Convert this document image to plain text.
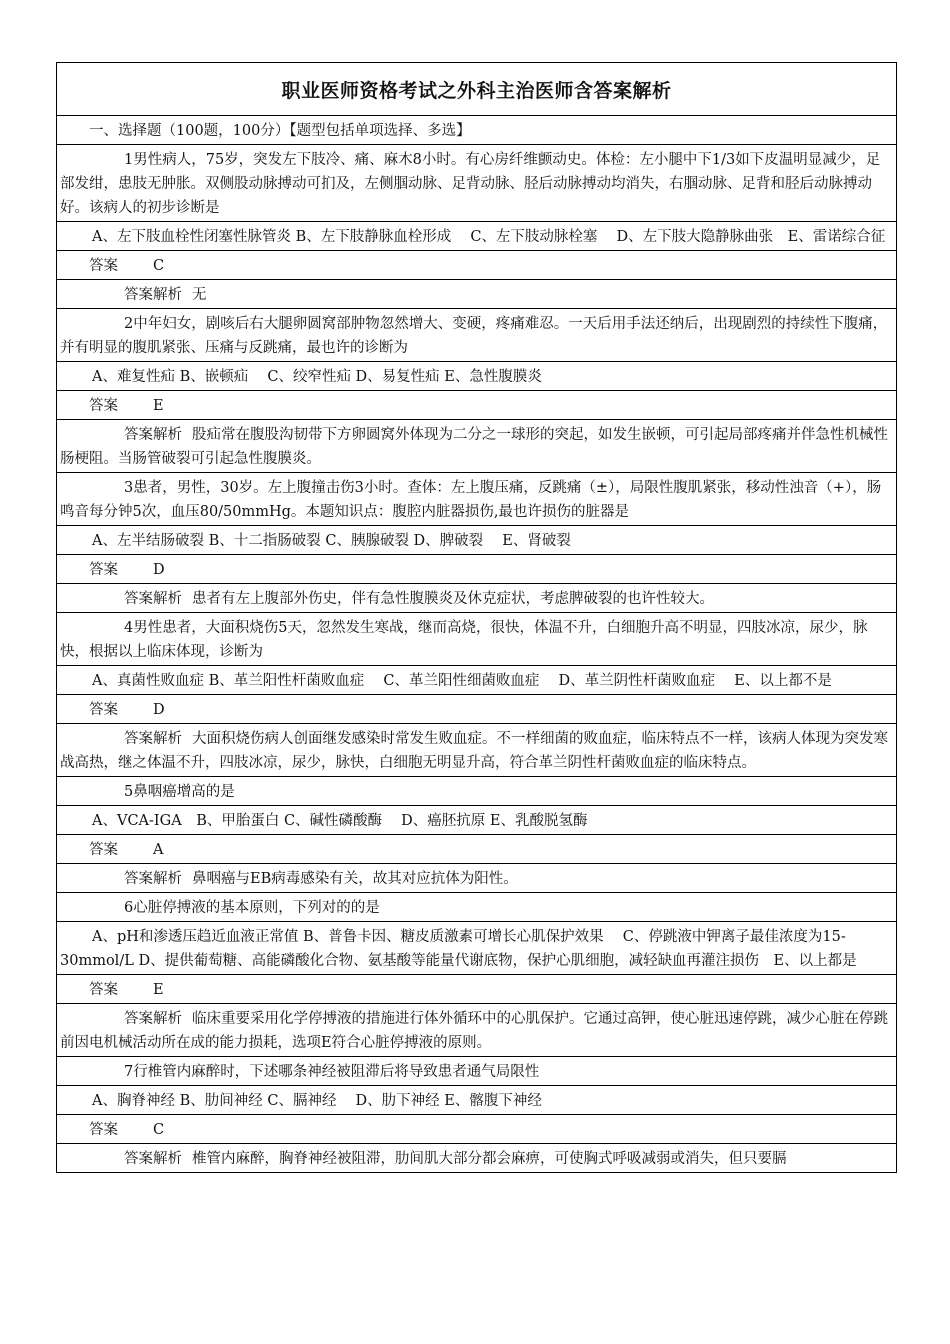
职业医师资格考试之外科主治医师含答案解析
一、选择题（100题，100分）【题型包括单项选择、多选】
1男性病人，75岁，突发左下肢冷、痛、麻木8小时。有心房纤维颤动史。体检：左小腿中下1/3如下皮温明显减少，足部发绀，患肢无肿胀。双侧股动脉搏动可扪及，左侧腘动脉、足背动脉、胫后动脉搏动均消失，右腘动脉、足背和胫后动脉搏动好。该病人的初步诊断是
A、左下肢血栓性闭塞性脉管炎 B、左下肢静脉血栓形成　 C、左下肢动脉栓塞　 D、左下肢大隐静脉曲张　E、雷诺综合征
答案 C
答案解析 无
2中年妇女，剧咳后右大腿卵圆窝部肿物忽然增大、变硬，疼痛难忍。一天后用手法还纳后，出现剧烈的持续性下腹痛，并有明显的腹肌紧张、压痛与反跳痛，最也许的诊断为
A、难复性疝 B、嵌顿疝　 C、绞窄性疝 D、易复性疝 E、急性腹膜炎
答案 E
答案解析 股疝常在腹股沟韧带下方卵圆窝外体现为二分之一球形的突起，如发生嵌顿，可引起局部疼痛并伴急性机械性肠梗阻。当肠管破裂可引起急性腹膜炎。
3患者，男性，30岁。左上腹撞击伤3小时。查体：左上腹压痛，反跳痛（±），局限性腹肌紧张，移动性浊音（+），肠鸣音每分钟5次，血压80/50mmHg。本题知识点：腹腔内脏器损伤,最也许损伤的脏器是
A、左半结肠破裂 B、十二指肠破裂 C、胰腺破裂 D、脾破裂　 E、肾破裂
答案 D
答案解析 患者有左上腹部外伤史，伴有急性腹膜炎及休克症状，考虑脾破裂的也许性较大。
4男性患者，大面积烧伤5天，忽然发生寒战，继而高烧，很快，体温不升，白细胞升高不明显，四肢冰凉，尿少，脉快，根据以上临床体现，诊断为
A、真菌性败血症 B、革兰阳性杆菌败血症　 C、革兰阳性细菌败血症　 D、革兰阴性杆菌败血症　 E、以上都不是
答案 D
答案解析 大面积烧伤病人创面继发感染时常发生败血症。不一样细菌的败血症，临床特点不一样，该病人体现为突发寒战高热，继之体温不升，四肢冰凉，尿少，脉快，白细胞无明显升高，符合革兰阴性杆菌败血症的临床特点。
5鼻咽癌增高的是
A、VCA-IGA　B、甲胎蛋白 C、碱性磷酸酶　 D、癌胚抗原 E、乳酸脱氢酶
答案 A
答案解析 鼻咽癌与EB病毒感染有关，故其对应抗体为阳性。
6心脏停搏液的基本原则，下列对的的是
A、pH和渗透压趋近血液正常值 B、普鲁卡因、糖皮质激素可增长心肌保护效果　 C、停跳液中钾离子最佳浓度为15-30mmol/L D、提供葡萄糖、高能磷酸化合物、氨基酸等能量代谢底物，保护心肌细胞，减轻缺血再灌注损伤　E、以上都是
答案 E
答案解析 临床重要采用化学停搏液的措施进行体外循环中的心肌保护。它通过高钾，使心脏迅速停跳，减少心脏在停跳前因电机械活动所在成的能力损耗，选项E符合心脏停搏液的原则。
7行椎管内麻醉时，下述哪条神经被阻滞后将导致患者通气局限性
A、胸脊神经 B、肋间神经 C、膈神经　 D、肋下神经 E、髂腹下神经
答案 C
答案解析 椎管内麻醉，胸脊神经被阻滞，肋间肌大部分都会麻痹，可使胸式呼吸减弱或消失，但只要膈
